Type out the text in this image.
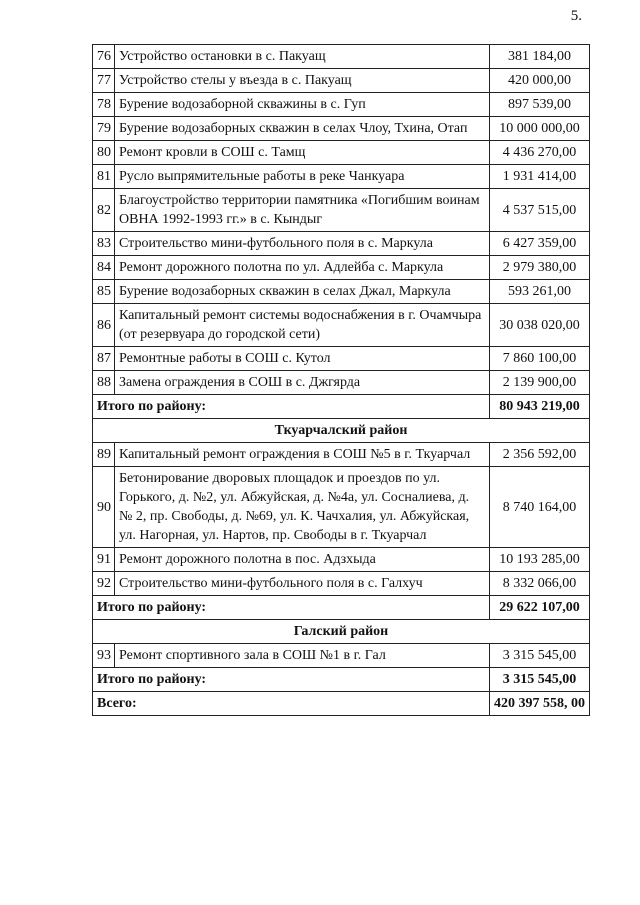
5.
76	Устройство остановки в с. Пакуащ	381 184,00
77	Устройство стелы у въезда в с. Пакуащ	420 000,00
78	Бурение водозаборной скважины в с. Гуп	897 539,00
79	Бурение водозаборных скважин в селах Члоу, Тхина, Отап	10 000 000,00
80	Ремонт кровли в СОШ с. Тамщ	4 436 270,00
81	Русло выпрямительные работы в реке Чанкуара	1 931 414,00
82	Благоустройство территории памятника «Погибшим воинам ОВНА 1992-1993 гг.» в с. Кындыг	4 537 515,00
83	Строительство мини-футбольного поля в с. Маркула	6 427 359,00
84	Ремонт дорожного полотна по ул. Адлейба с. Маркула	2 979 380,00
85	Бурение водозаборных скважин в селах Джал, Маркула	593 261,00
86	Капитальный ремонт системы водоснабжения в г. Очамчыра (от резервуара до городской сети)	30 038 020,00
87	Ремонтные работы в СОШ с. Кутол	7 860 100,00
88	Замена ограждения в СОШ в с. Джгярда	2 139 900,00
Итого по району:		80 943 219,00
Ткуарчалский район		
89	Капитальный ремонт ограждения в СОШ №5 в г. Ткуарчал	2 356 592,00
90	Бетонирование дворовых площадок и проездов по ул. Горького, д. №2, ул. Абжуйская, д. №4а, ул. Сосналиева, д. № 2, пр. Свободы, д. №69, ул. К. Чачхалия, ул. Абжуйская, ул. Нагорная, ул. Нартов, пр. Свободы в г. Ткуарчал	8 740 164,00
91	Ремонт дорожного полотна в пос. Адзхыда	10 193 285,00
92	Строительство мини-футбольного поля в с. Галхуч	8 332 066,00
Итого по району:		29 622 107,00
Галский район		
93	Ремонт спортивного зала в СОШ №1 в г. Гал	3 315 545,00
Итого по району:		3 315 545,00
Всего:		420 397 558, 00
